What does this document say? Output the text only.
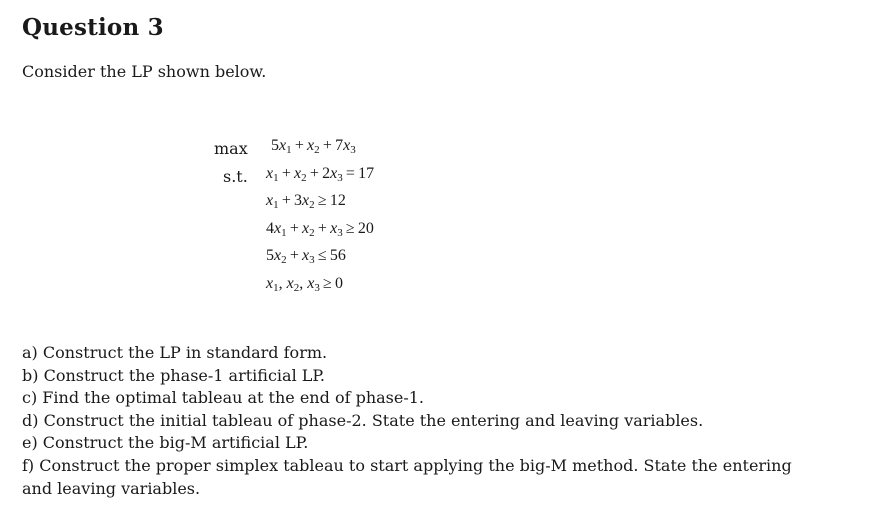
Question 3

Consider the LP shown below.

$\max 5x_1 + x_2 + 7x_3$
s.t. $x_1 + x_2 + 2x_3 = 17$
$x_1 + 3x_2 \ge 12$
$4x_1 + x_2 + x_3 \ge 20$
$5x_2 + x_3 \le 56$
$x_1$, $x_2$, $x_3 \ge 0$

a) Construct the LP in standard form.

b) Construct the phase-1 artificial LP.

c) Find the optimal tableau at the end of phase-1.

d) Construct the initial tableau of phase-2. State the entering and leaving variables.

e) Construct the big-M artificial LP.

f) Construct the proper simplex tableau to start applying the big-M method. State the entering and leaving variables.
